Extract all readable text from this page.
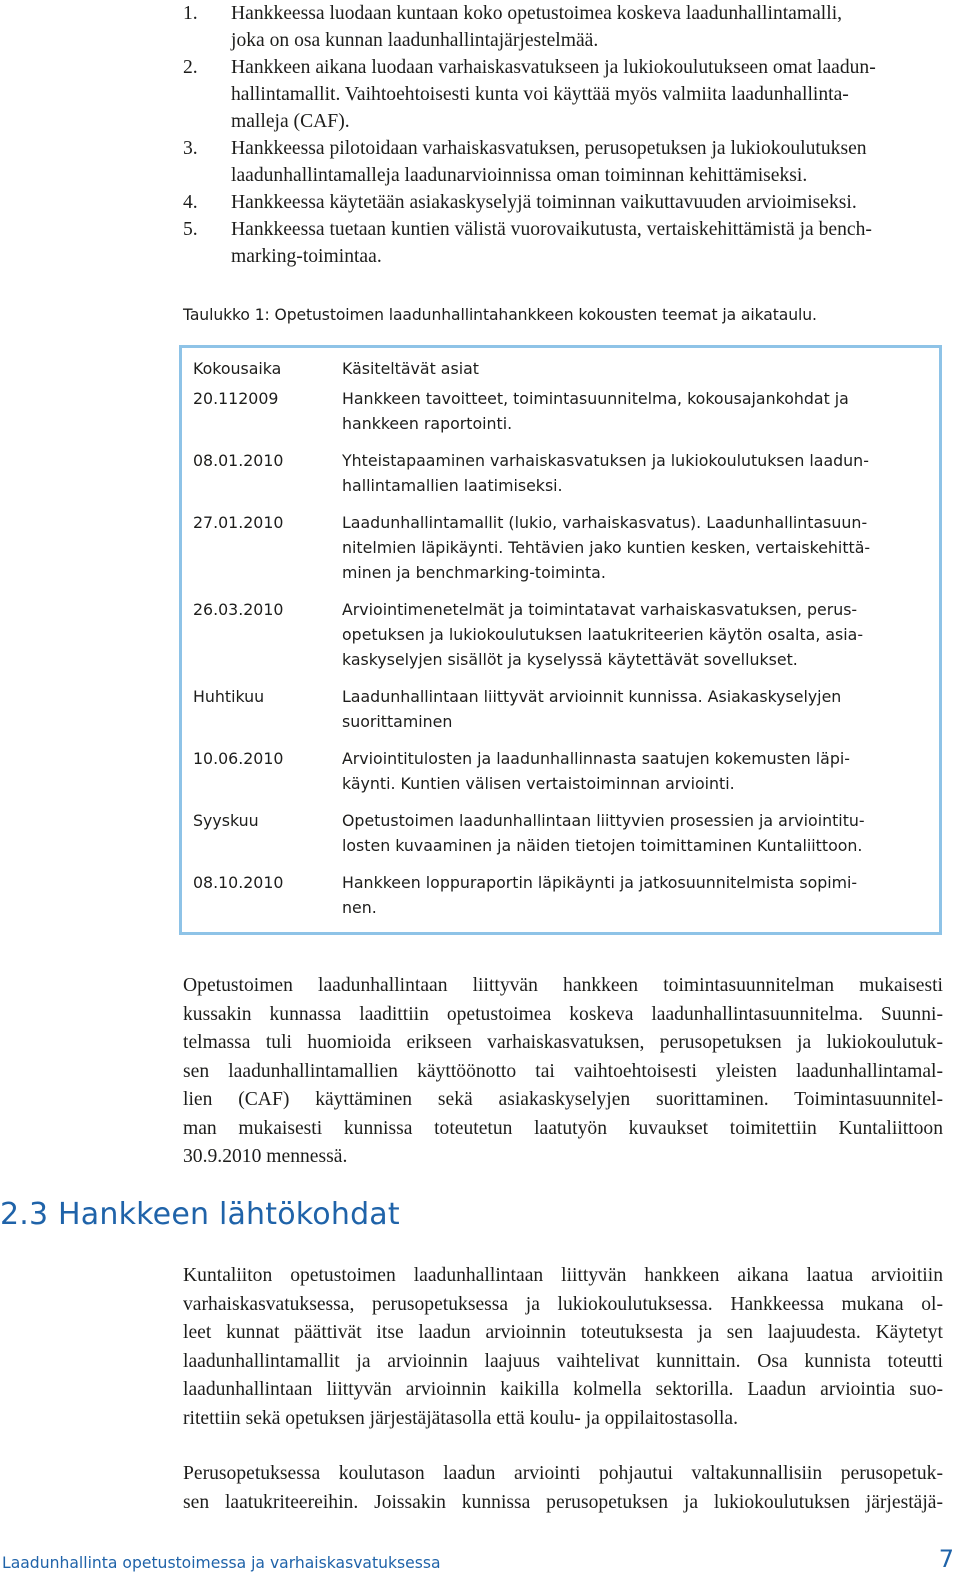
1. Hankkeessa luodaan kuntaan koko opetustoimea koskeva laadunhallintamalli,
joka on osa kunnan laadunhallintajärjestelmää.
2. Hankkeen aikana luodaan varhaiskasvatukseen ja lukiokoulutukseen omat laadun-
hallintamallit. Vaihtoehtoisesti kunta voi käyttää myös valmiita laadunhallinta-
malleja (CAF).
3. Hankkeessa pilotoidaan varhaiskasvatuksen, perusopetuksen ja lukiokoulutuksen
laadunhallintamalleja laadunarvioinnissa oman toiminnan kehittämiseksi.
4. Hankkeessa käytetään asiakaskyselyjä toiminnan vaikuttavuuden arvioimiseksi.
5. Hankkeessa tuetaan kuntien välistä vuorovaikutusta, vertaiskehittämistä ja bench-
marking-toimintaa.
Taulukko 1: Opetustoimen laadunhallintahankkeen kokousten teemat ja aikataulu.
Kokousaika	Käsiteltävät asiat
20.112009	Hankkeen tavoitteet, toimintasuunnitelma, kokousajankohdat ja
hankkeen raportointi.
08.01.2010	Yhteistapaaminen varhaiskasvatuksen ja lukiokoulutuksen laadun-
hallintamallien laatimiseksi.
27.01.2010	Laadunhallintamallit (lukio, varhaiskasvatus). Laadunhallintasuun-
nitelmien läpikäynti. Tehtävien jako kuntien kesken, vertaiskehittä-
minen ja benchmarking-toiminta.
26.03.2010	Arviointimenetelmät ja toimintatavat varhaiskasvatuksen, perus-
opetuksen ja lukiokoulutuksen laatukriteerien käytön osalta, asia-
kaskyselyjen sisällöt ja kyselyssä käytettävät sovellukset.
Huhtikuu	Laadunhallintaan liittyvät arvioinnit kunnissa. Asiakaskyselyjen
suorittaminen
10.06.2010	Arviointitulosten ja laadunhallinnasta saatujen kokemusten läpi-
käynti. Kuntien välisen vertaistoiminnan arviointi.
Syyskuu	Opetustoimen laadunhallintaan liittyvien prosessien ja arviointitu-
losten kuvaaminen ja näiden tietojen toimittaminen Kuntaliittoon.
08.10.2010	Hankkeen loppuraportin läpikäynti ja jatkosuunnitelmista sopimi-
nen.
Opetustoimen laadunhallintaan liittyvän hankkeen toimintasuunnitelman mukaisesti
kussakin kunnassa laadittiin opetustoimea koskeva laadunhallintasuunnitelma. Suunni-
telmassa tuli huomioida erikseen varhaiskasvatuksen, perusopetuksen ja lukiokoulutuk-
sen laadunhallintamallien käyttöönotto tai vaihtoehtoisesti yleisten laadunhallintamal-
lien (CAF) käyttäminen sekä asiakaskyselyjen suorittaminen. Toimintasuunnitel-
man mukaisesti kunnissa toteutetun laatutyön kuvaukset toimitettiin Kuntaliittoon
30.9.2010 mennessä.
2.3 Hankkeen lähtökohdat
Kuntaliiton opetustoimen laadunhallintaan liittyvän hankkeen aikana laatua arvioitiin
varhaiskasvatuksessa, perusopetuksessa ja lukiokoulutuksessa. Hankkeessa mukana ol-
leet kunnat päättivät itse laadun arvioinnin toteutuksesta ja sen laajuudesta. Käytetyt
laadunhallintamallit ja arvioinnin laajuus vaihtelivat kunnittain. Osa kunnista toteutti
laadunhallintaan liittyvän arvioinnin kaikilla kolmella sektorilla. Laadun arviointia suo-
ritettiin sekä opetuksen järjestäjätasolla että koulu- ja oppilaitostasolla.
Perusopetuksessa koulutason laadun arviointi pohjautui valtakunnallisiin perusopetuk-
sen laatukriteereihin. Joissakin kunnissa perusopetuksen ja lukiokoulutuksen järjestäjä-
Laadunhallinta opetustoimessa ja varhaiskasvatuksessa	7
